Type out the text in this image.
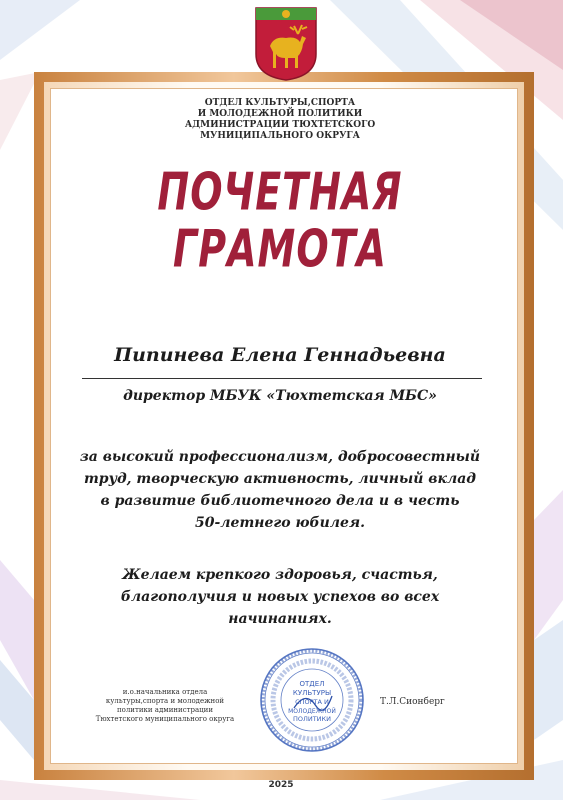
ОТДЕЛ КУЛЬТУРЫ,СПОРТА
И МОЛОДЕЖНОЙ ПОЛИТИКИ
АДМИНИСТРАЦИИ ТЮХТЕТСКОГО
МУНИЦИПАЛЬНОГО ОКРУГА
ПОЧЕТНАЯ
ГРАМОТА
Пипинева Елена Геннадьевна
директор МБУК «Тюхтетская МБС»
за высокий профессионализм, добросовестный
труд, творческую активность, личный вклад
в развитие библиотечного дела и в честь
50-летнего юбилея.
Желаем крепкого здоровья, счастья,
благополучия и новых успехов во всех
начинаниях.
и.о.начальника отдела
культуры,спорта и молодежной
политики администрации
Тюхтетского муниципального округа
ОТДЕЛ
КУЛЬТУРЫ
СПОРТА И
МОЛОДЕЖНОЙ
ПОЛИТИКИ
Т.Л.Сионберг
2025
